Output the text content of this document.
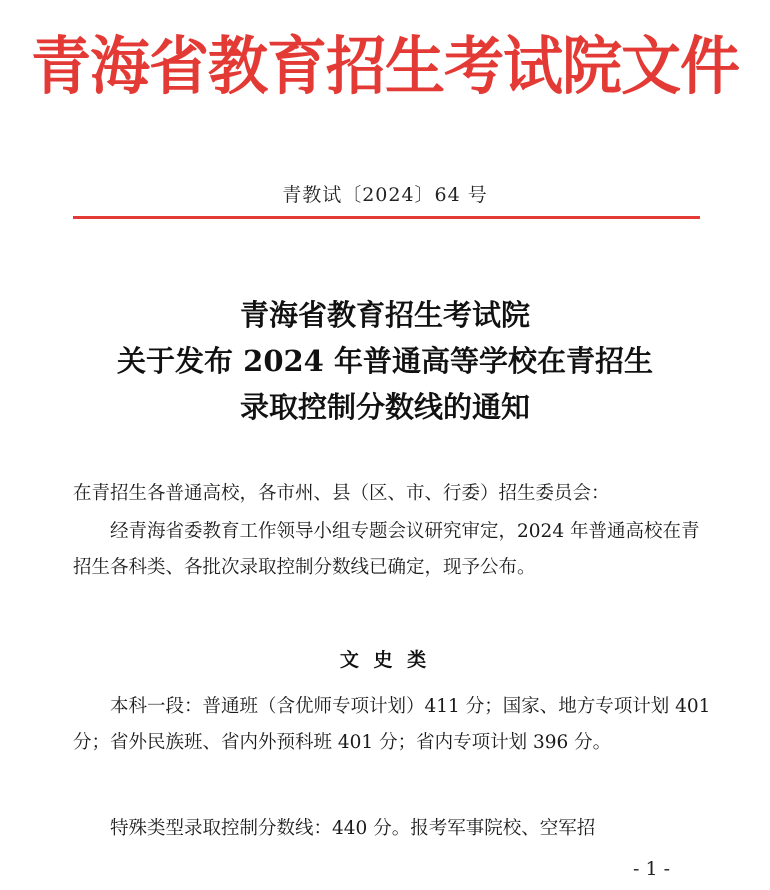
青海省教育招生考试院文件
青教试〔2024〕64 号
青海省教育招生考试院
关于发布 2024 年普通高等学校在青招生
录取控制分数线的通知
在青招生各普通高校，各市州、县（区、市、行委）招生委员会：
经青海省委教育工作领导小组专题会议研究审定，2024 年普通高校在青招生各科类、各批次录取控制分数线已确定，现予公布。
文 史 类
本科一段：普通班（含优师专项计划）411 分；国家、地方专项计划 401 分；省外民族班、省内外预科班 401 分；省内专项计划 396 分。
特殊类型录取控制分数线：440 分。报考军事院校、空军招
- 1 -
